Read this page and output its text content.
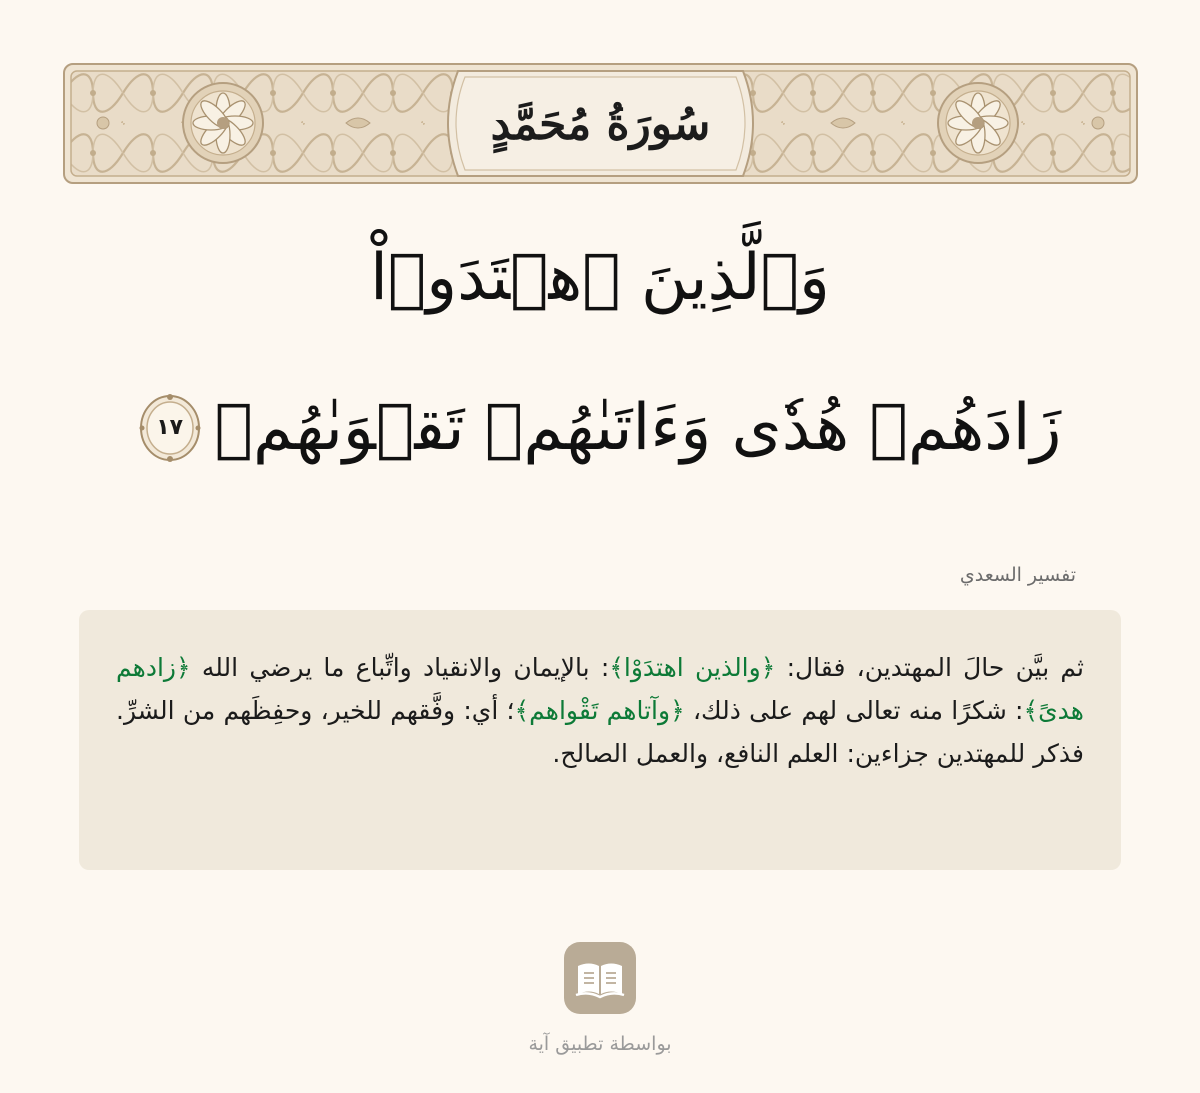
سُورَةُ مُحَمَّدٍ
وَٱلَّذِينَ ٱهۡتَدَوۡاْ
زَادَهُمۡ هُدٗى وَءَاتَىٰهُمۡ تَقۡوَىٰهُمۡ
١٧
تفسير السعدي

ثم بيَّن حالَ المهتدين، فقال: ﴿والذين اهتدَوْا﴾: بالإيمان والانقياد واتِّباع ما يرضي الله ﴿زادهم هدىً﴾: شكرًا منه تعالى لهم على ذلك، ﴿وآتاهم تَقْواهم﴾؛ أي: وفَّقهم للخير، وحفِظَهم من الشرِّ. فذكر للمهتدين جزاءين: العلم النافع، والعمل الصالح.

بواسطة تطبيق آية
